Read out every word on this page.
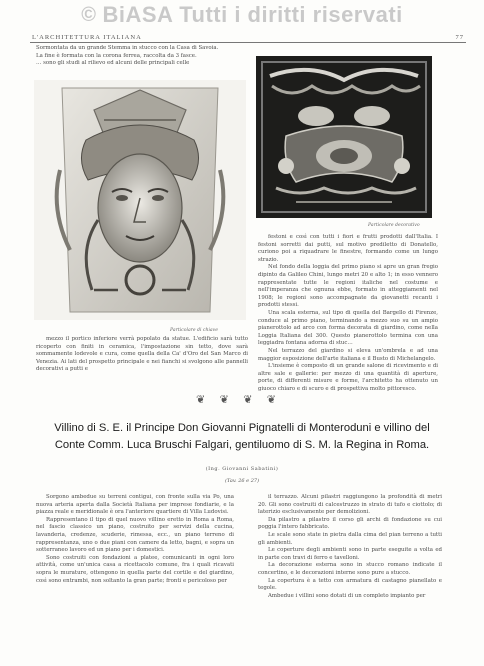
© BiASA Tutti i diritti riservati
L'ARCHITETTURA ITALIANA	77
Sormontata da un grande Stemma in stucco con la Casa di Savoia.
La fine è formata con la corona ferrea, raccolta da 3 fasce.
… sono gli studi al rilievo ed alcuni delle principali celle
Particolare di chiave
Particolare decorativo

festoni e così con tutti i fiori e frutti prodotti dall'Italia. I festoni sorretti dai putti, sul motivo prediletto di Donatello, curiono poi a riquadrare le finestre, formando come un lungo strazio.

Nel fondo della loggia del primo piano si apre un gran fregio dipinto da Galileo Chini, lungo metri 20 e alto 1; in esso vennero rappresentate tutte le regioni italiche nel costume e nell'imperanza che ognuna ebbe, formato in atteggiamenti nel 1908; le regioni sono accompagnate da giovanetti recanti i prodotti stessi.

Una scala esterna, sul tipo di quella del Bargello di Firenze, conduce al primo piano, terminando a mezzo suo su un ampio pianerottolo ad arco con forma decorata di giardino, come nella Loggia Italiana del 300. Questo pianerottolo termina con una leggiadra fontana adorna di stuc…

Nel terrazzo del giardino si eleva un'ombrela e ad una maggior esposizione dell'arte italiana e il Busto di Michelangelo.

L'insieme è composto di un grande salone di ricevimento e di altre sale e gallerie: per mezzo di una quantità di aperture, porte, di differenti misure e forme, l'architetto ha ottenuto un giuoco chiaro e di scuro e di prospettiva molto pittoresco.

mezzo il portico inferiore verrà popolato da statue. L'edificio sarà tutto ricoperto con finiti in ceramica, l'impostazione sin tetto, dove sarà sommamente lodevole e cura, come quella della Ca' d'Oro del San Marco di Venezia. Ai lati del prospetto principale e nei fianchi si svolgono alle pannelli decorativi a putti e

❦ ❦ ❦ ❦
Villino di S. E. il Principe Don Giovanni Pignatelli di Monteroduni e villino del
Conte Comm. Luca Bruschi Falgari, gentiluomo di S. M. la Regina in Roma.
(Ing. Giovanni Sabatini)
(Tav. 26 e 27)

Sorgono ambedue su terreni contigui, con fronte sulla via Po, una nuova arteria aperta dalla Società Italiana per imprese fondiarie, e la piazza reale e meridionale è ora l'anteriore quartiere di Villa Ludovisi.

Rappresentano il tipo di quel nuovo villino eretto in Roma a Roma, nel fascio classico un piano, costruito per servizi della cucina, lavanderia, credenze, scuderie, rimessa, ecc., un piano terreno di rappresentanza, uno o due piani con camere da letto, bagni, e sopra un sotterraneo lavoro ed un piano per i domestici.

Sono costruiti con fondazioni a platee, comunicanti in ogni loro attività, come un'unica casa a ricettacolo comune, fra i quali ricavati sopra le murature, ottengono in quella parte del cortile e del giardino, così sono entrambi, non soltanto la gran parte; fronti e pericoloso per

il terrazzo. Alcuni pilastri raggiungono la profondità di metri 20. Gli sono costruiti di calcestruzzo in strato di tufo e ciottolo; di laterizio esclusivamente per demolizioni.

Da pilastro a pilastro il corso gli archi di fondazione su cui poggia l'intero fabbricato.

Le scale sono state in pietra dalla cima del pian terreno a tutti gli ambienti.

Le coperture degli ambienti sono in parte eseguite a volta ed in parte con travi di ferro e tavelloni.

La decorazione esterna sono in stucco romano indicate il concertino, e le decorazioni interne sono pure a stucco.

La copertura è a tetto con armatura di castagno pianellato e tegole.

Ambedue i villini sono dotati di un completo impianto per
